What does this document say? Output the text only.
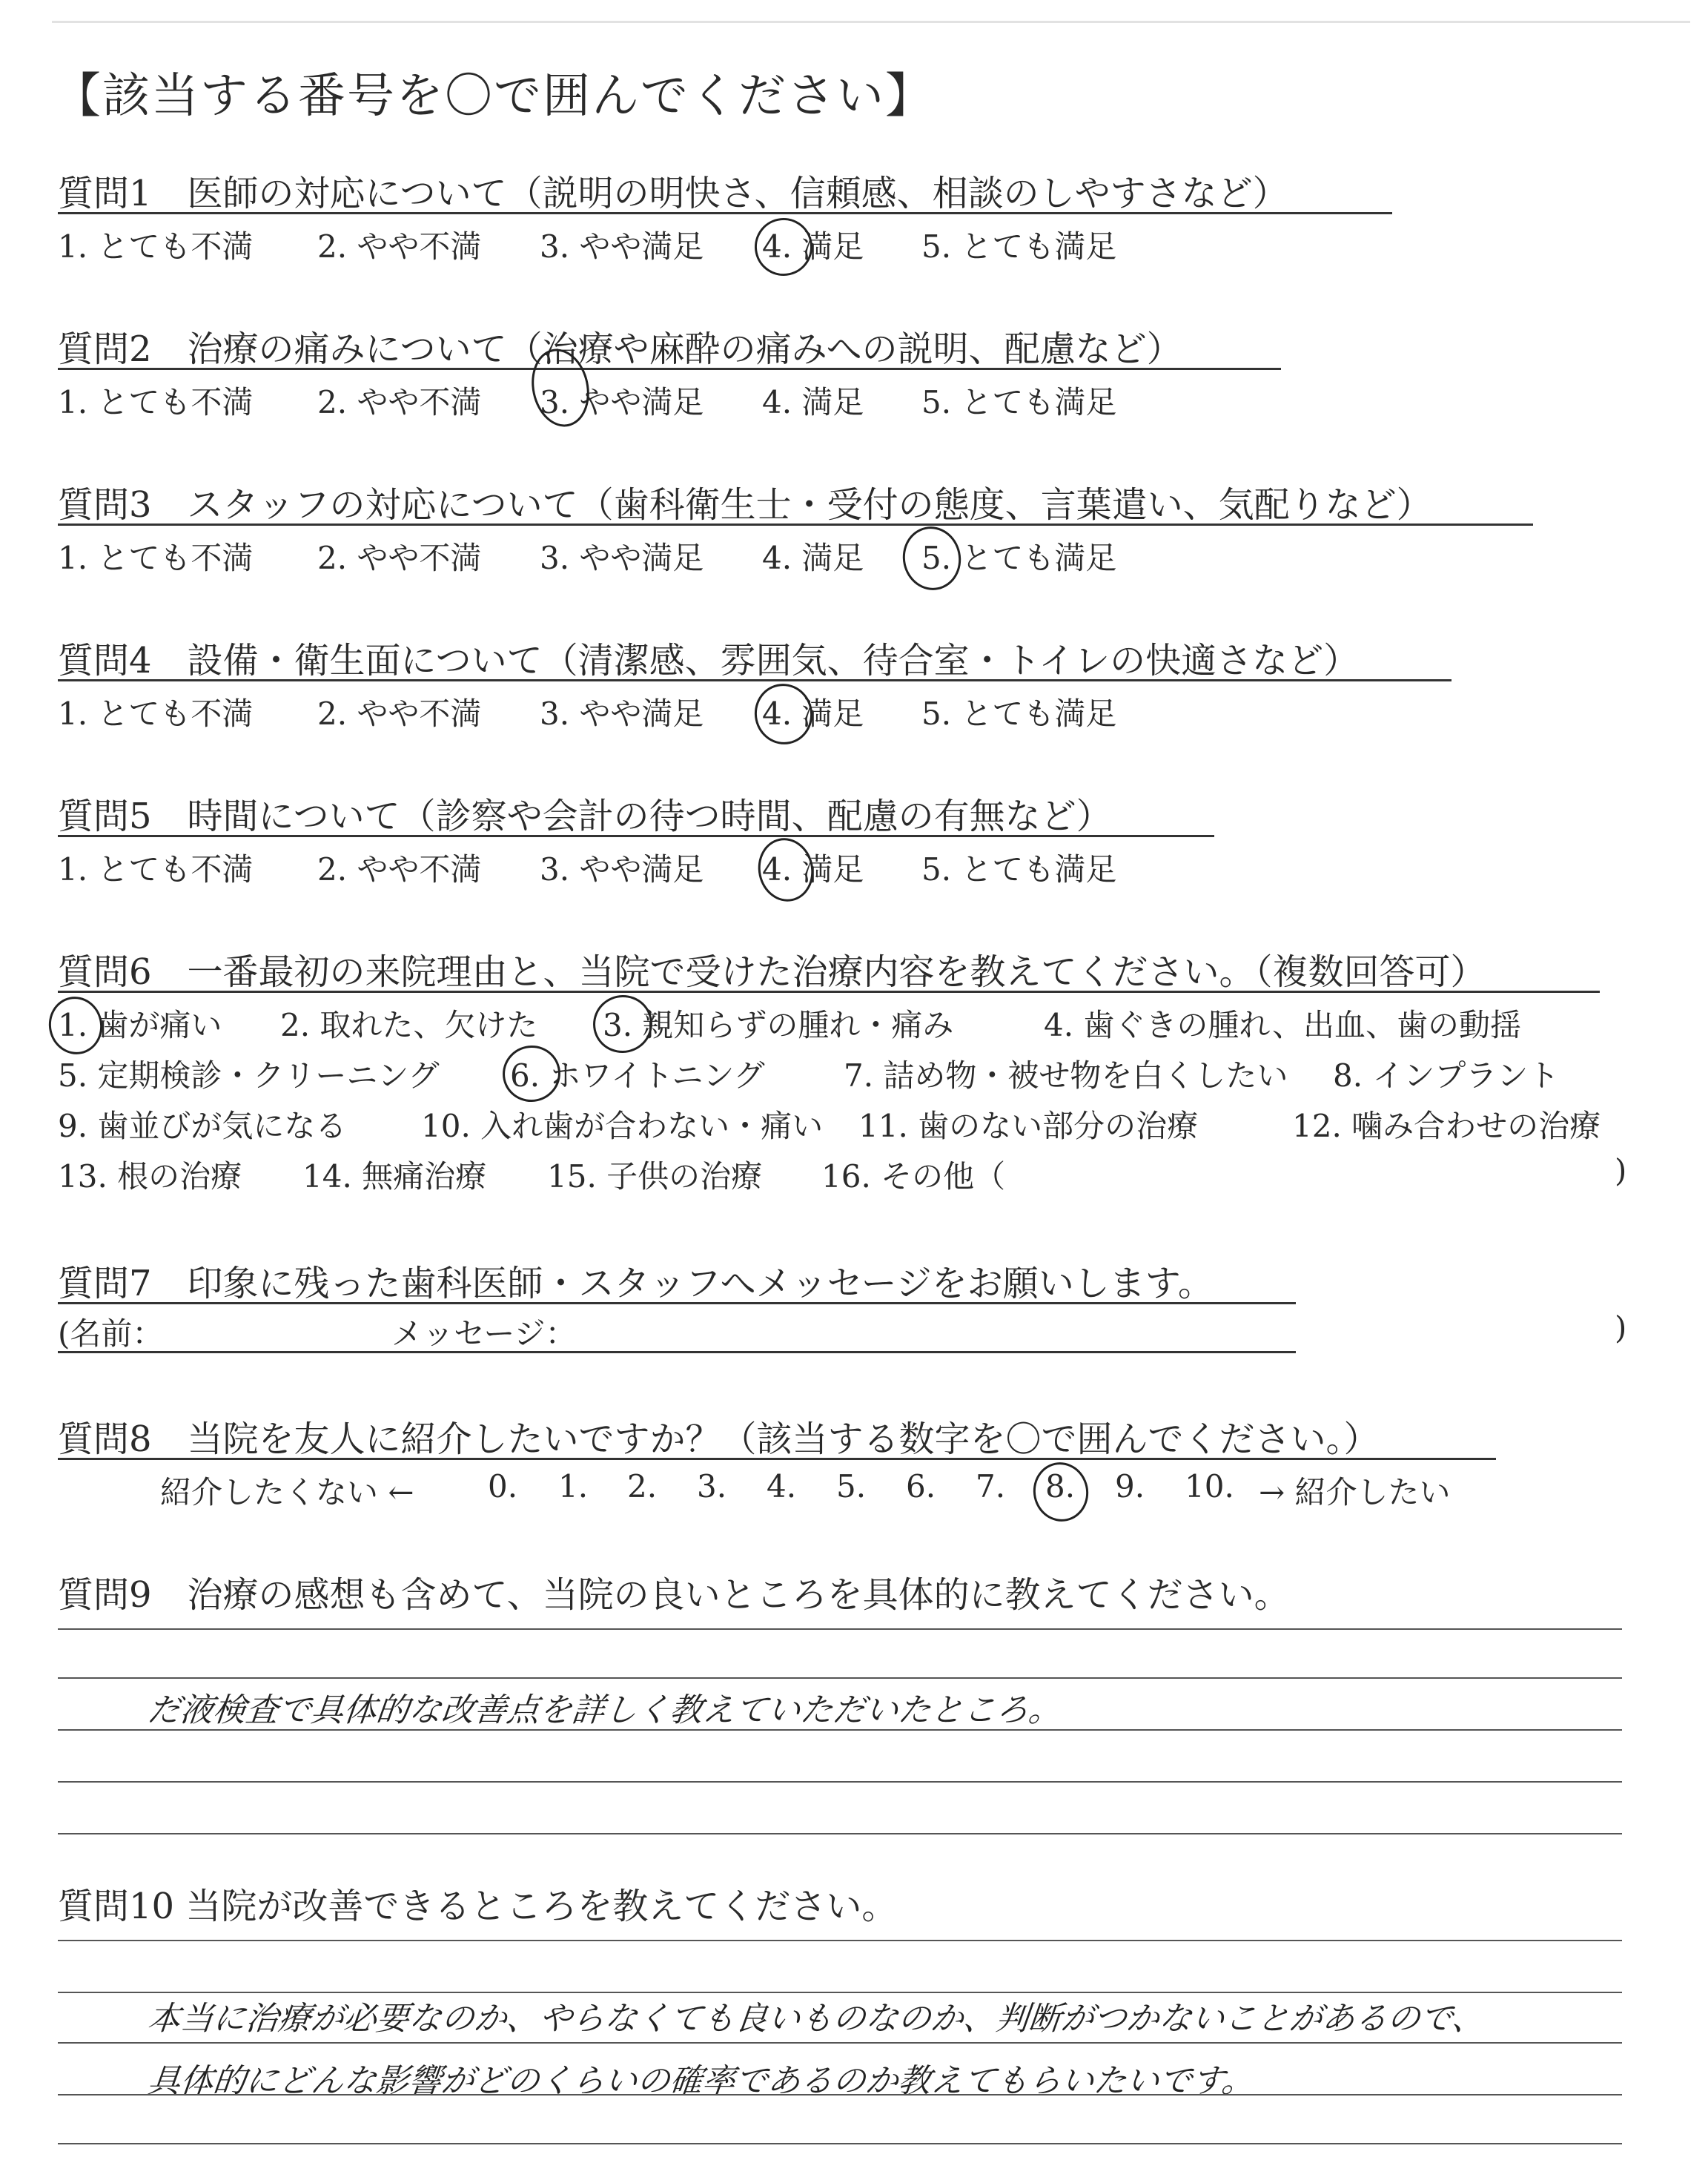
【該当する番号を〇で囲んでください】
質問1　医師の対応について（説明の明快さ、信頼感、相談のしやすさなど）
1. とても不満 2. やや不満 3. やや満足 4. 満足 5. とても満足
質問2　治療の痛みについて（治療や麻酔の痛みへの説明、配慮など）
1. とても不満 2. やや不満 3. やや満足 4. 満足 5. とても満足
質問3　スタッフの対応について（歯科衛生士・受付の態度、言葉遣い、気配りなど）
1. とても不満 2. やや不満 3. やや満足 4. 満足 5. とても満足
質問4　設備・衛生面について（清潔感、雰囲気、待合室・トイレの快適さなど）
1. とても不満 2. やや不満 3. やや満足 4. 満足 5. とても満足
質問5　時間について（診察や会計の待つ時間、配慮の有無など）
1. とても不満 2. やや不満 3. やや満足 4. 満足 5. とても満足
質問6　一番最初の来院理由と、当院で受けた治療内容を教えてください。（複数回答可）
1. 歯が痛い 2. 取れた、欠けた 3. 親知らずの腫れ・痛み	4. 歯ぐきの腫れ、出血、歯の動揺
5. 定期検診・クリーニング 6. ホワイトニング	7. 詰め物・被せ物を白くしたい 8. インプラント
9. 歯並びが気になる 10. 入れ歯が合わない・痛い 11. 歯のない部分の治療	12. 噛み合わせの治療
13. 根の治療 14. 無痛治療 15. 子供の治療 16. その他（	)
質問7　印象に残った歯科医師・スタッフへメッセージをお願いします。
(名前：	メッセージ：	)
質問8　当院を友人に紹介したいですか？（該当する数字を〇で囲んでください。）
紹介したくない ← 0. 1. 2. 3. 4. 5. 6. 7. 8. 9. 10. → 紹介したい
質問9　治療の感想も含めて、当院の良いところを具体的に教えてください。
だ液検査で具体的な改善点を詳しく教えていただいたところ。
質問10 当院が改善できるところを教えてください。
本当に治療が必要なのか、やらなくても良いものなのか、判断がつかないことがあるので、
具体的にどんな影響がどのくらいの確率であるのか教えてもらいたいです。
